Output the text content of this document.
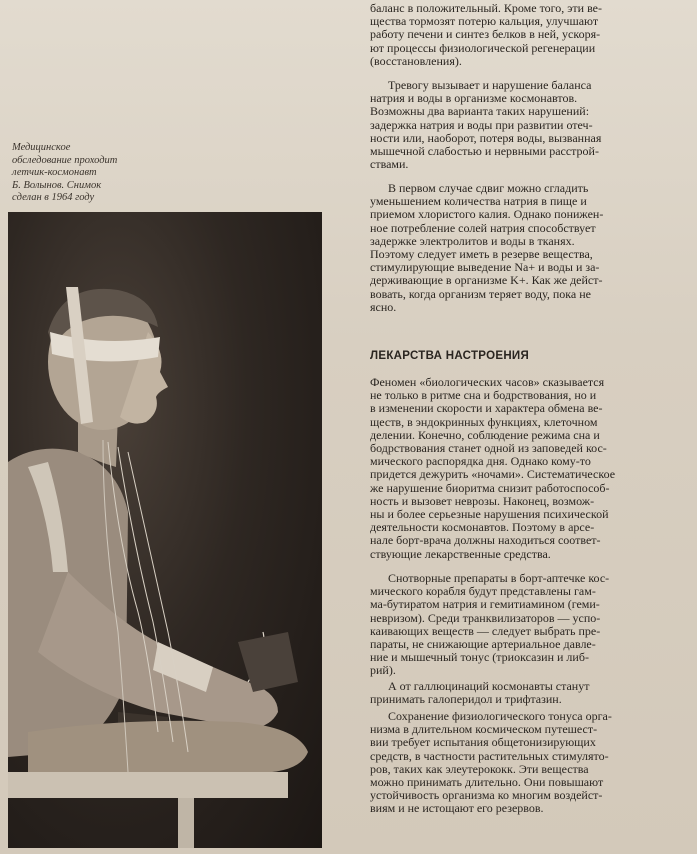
Медицинское
обследование проходит
летчик-космонавт
Б. Волынов. Снимок
сделан в 1964 году
баланс в положительный. Кроме того, эти ве-
щества тормозят потерю кальция, улучшают
работу печени и синтез белков в ней, ускоря-
ют процессы физиологической регенерации
(восстановления).
Тревогу вызывает и нарушение баланса
натрия и воды в организме космонавтов.
Возможны два варианта таких нарушений:
задержка натрия и воды при развитии отеч-
ности или, наоборот, потеря воды, вызванная
мышечной слабостью и нервными расстрой-
ствами.
В первом случае сдвиг можно сгладить
уменьшением количества натрия в пище и
приемом хлористого калия. Однако понижен-
ное потребление солей натрия способствует
задержке электролитов и воды в тканях.
Поэтому следует иметь в резерве вещества,
стимулирующие выведение Na+ и воды и за-
держивающие в организме K+. Как же дейст-
вовать, когда организм теряет воду, пока не
ясно.
ЛЕКАРСТВА НАСТРОЕНИЯ
Феномен «биологических часов» сказывается
не только в ритме сна и бодрствования, но и
в изменении скорости и характера обмена ве-
ществ, в эндокринных функциях, клеточном
делении. Конечно, соблюдение режима сна и
бодрствования станет одной из заповедей кос-
мического распорядка дня. Однако кому-то
придется дежурить «ночами». Систематическое
же нарушение биоритма снизит работоспособ-
ность и вызовет неврозы. Наконец, возмож-
ны и более серьезные нарушения психической
деятельности космонавтов. Поэтому в арсе-
нале борт-врача должны находиться соответ-
ствующие лекарственные средства.
Снотворные препараты в борт-аптечке кос-
мического корабля будут представлены гам-
ма-бутиратом натрия и гемитиамином (геми-
невризом). Среди транквилизаторов — успо-
каивающих веществ — следует выбрать пре-
параты, не снижающие артериальное давле-
ние и мышечный тонус (триоксазин и либ-
рий).
А от галлюцинаций космонавты станут
принимать галоперидол и трифтазин.
Сохранение физиологического тонуса орга-
низма в длительном космическом путешест-
вии требует испытания общетонизирующих
средств, в частности растительных стимулято-
ров, таких как элеутерококк. Эти вещества
можно принимать длительно. Они повышают
устойчивость организма ко многим воздейст-
виям и не истощают его резервов.
